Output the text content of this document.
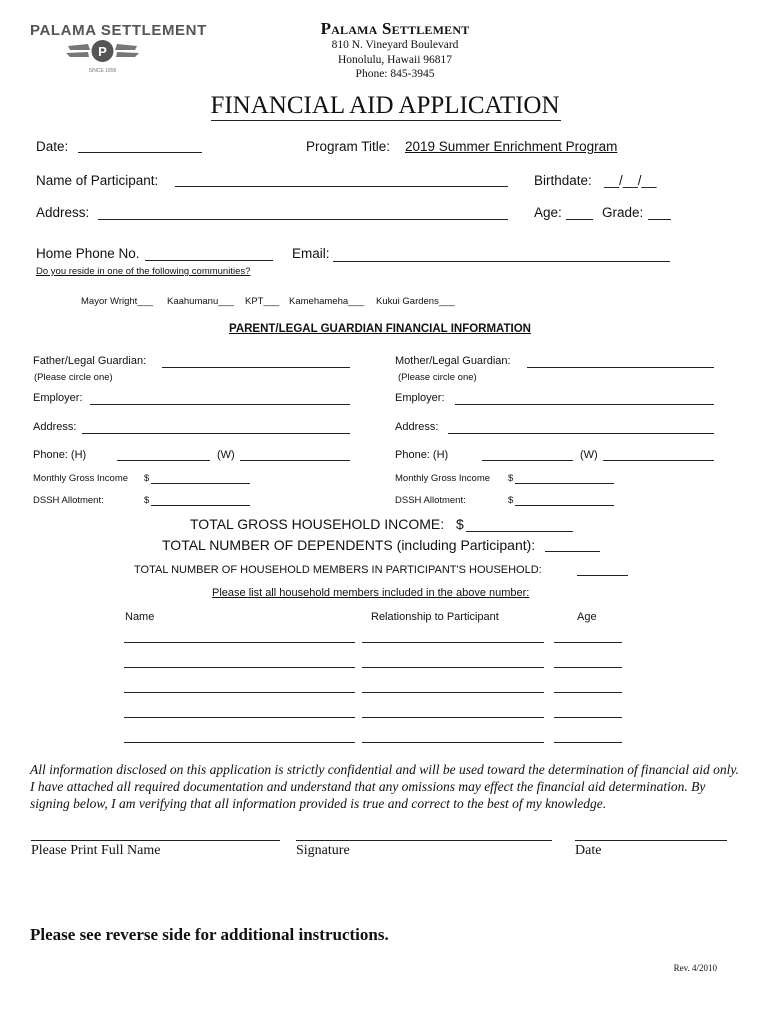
PALAMA SETTLEMENT
P
SINCE 1896
Palama Settlement
810 N. Vineyard Boulevard
Honolulu, Hawaii 96817
Phone: 845-3945
FINANCIAL AID APPLICATION
Date:	Program Title: 2019 Summer Enrichment Program
Name of Participant:	Birthdate: __/__/__
Address:	Age:	Grade:
Home Phone No.	Email:
Do you reside in one of the following communities?
Mayor Wright___ Kaahumanu___ KPT___ Kamehameha___ Kukui Gardens___
PARENT/LEGAL GUARDIAN FINANCIAL INFORMATION
Father/Legal Guardian:
(Please circle one)
Employer:
Address:
Phone: (H)	(W)
Monthly Gross Income $
DSSH Allotment:	$
Mother/Legal Guardian:
(Please circle one)
Employer:
Address:
Phone: (H)	(W)
Monthly Gross Income $
DSSH Allotment:	$
TOTAL GROSS HOUSEHOLD INCOME: $
TOTAL NUMBER OF DEPENDENTS (including Participant):
TOTAL NUMBER OF HOUSEHOLD MEMBERS IN PARTICIPANT'S HOUSEHOLD:
Please list all household members included in the above number:
Name	Relationship to Participant	Age
All information disclosed on this application is strictly confidential and will be used toward the determination of financial aid only. I have attached all required documentation and understand that any omissions may effect the financial aid determination. By signing below, I am verifying that all information provided is true and correct to the best of my knowledge.
Please Print Full Name	Signature	Date
Please see reverse side for additional instructions.
Rev. 4/2010
